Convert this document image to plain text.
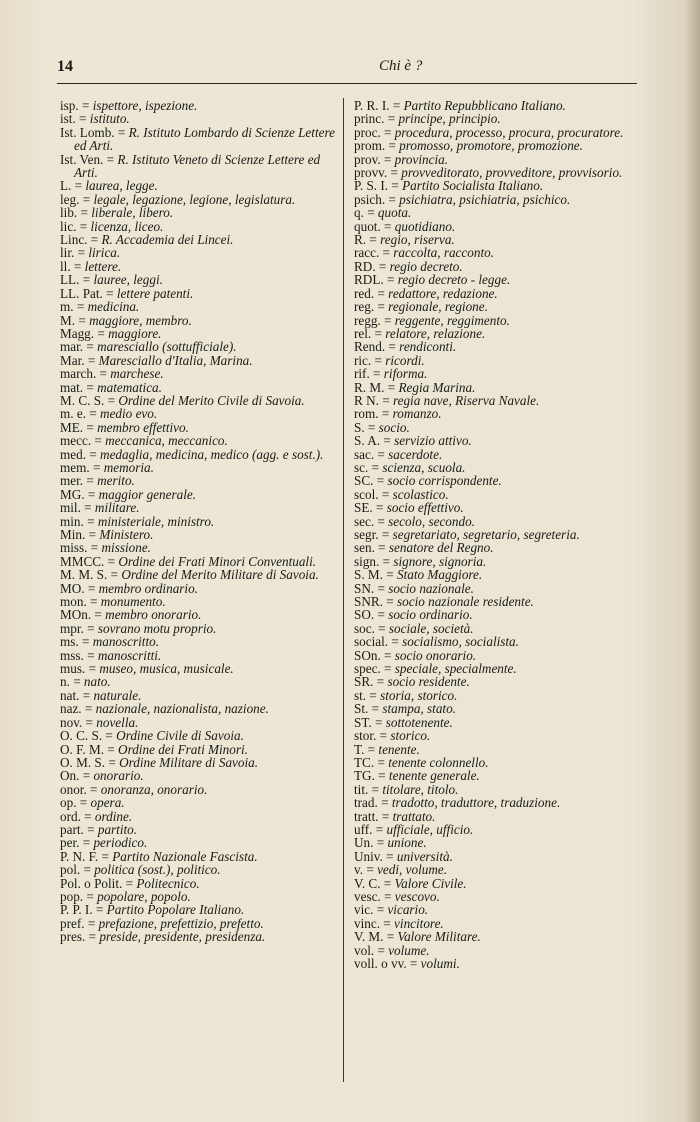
14	Chi è ?
isp. = ispettore, ispezione.
ist. = istituto.
Ist. Lomb. = R. Istituto Lombardo di Scienze Lettere ed Arti.
Ist. Ven. = R. Istituto Veneto di Scienze Lettere ed Arti.
L. = laurea, legge.
leg. = legale, legazione, legione, legislatura.
lib. = liberale, libero.
lic. = licenza, liceo.
Linc. = R. Accademia dei Lincei.
lir. = lirica.
ll. = lettere.
LL. = lauree, leggi.
LL. Pat. = lettere patenti.
m. = medicina.
M. = maggiore, membro.
Magg. = maggiore.
mar. = maresciallo (sottufficiale).
Mar. = Maresciallo d'Italia, Marina.
march. = marchese.
mat. = matematica.
M. C. S. = Ordine del Merito Civile di Savoia.
m. e. = medio evo.
ME. = membro effettivo.
mecc. = meccanica, meccanico.
med. = medaglia, medicina, medico (agg. e sost.).
mem. = memoria.
mer. = merito.
MG. = maggior generale.
mil. = militare.
min. = ministeriale, ministro.
Min. = Ministero.
miss. = missione.
MMCC. = Ordine dei Frati Minori Conventuali.
M. M. S. = Ordine del Merito Militare di Savoia.
MO. = membro ordinario.
mon. = monumento.
MOn. = membro onorario.
mpr. = sovrano motu proprio.
ms. = manoscritto.
mss. = manoscritti.
mus. = museo, musica, musicale.
n. = nato.
nat. = naturale.
naz. = nazionale, nazionalista, nazione.
nov. = novella.
O. C. S. = Ordine Civile di Savoia.
O. F. M. = Ordine dei Frati Minori.
O. M. S. = Ordine Militare di Savoia.
On. = onorario.
onor. = onoranza, onorario.
op. = opera.
ord. = ordine.
part. = partito.
per. = periodico.
P. N. F. = Partito Nazionale Fascista.
pol. = politica (sost.), politico.
Pol. o Polit. = Politecnico.
pop. = popolare, popolo.
P. P. I. = Partito Popolare Italiano.
pref. = prefazione, prefettizio, prefetto.
pres. = preside, presidente, presidenza.
P. R. I. = Partito Repubblicano Italiano.
princ. = principe, principio.
proc. = procedura, processo, procura, procuratore.
prom. = promosso, promotore, promozione.
prov. = provincia.
provv. = provveditorato, provveditore, provvisorio.
P. S. I. = Partito Socialista Italiano.
psich. = psichiatra, psichiatria, psichico.
q. = quota.
quot. = quotidiano.
R. = regio, riserva.
racc. = raccolta, racconto.
RD. = regio decreto.
RDL. = regio decreto - legge.
red. = redattore, redazione.
reg. = regionale, regione.
regg. = reggente, reggimento.
rel. = relatore, relazione.
Rend. = rendiconti.
ric. = ricordi.
rif. = riforma.
R. M. = Regia Marina.
R N. = regia nave, Riserva Navale.
rom. = romanzo.
S. = socio.
S. A. = servizio attivo.
sac. = sacerdote.
sc. = scienza, scuola.
SC. = socio corrispondente.
scol. = scolastico.
SE. = socio effettivo.
sec. = secolo, secondo.
segr. = segretariato, segretario, segreteria.
sen. = senatore del Regno.
sign. = signore, signoria.
S. M. = Stato Maggiore.
SN. = socio nazionale.
SNR. = socio nazionale residente.
SO. = socio ordinario.
soc. = sociale, società.
social. = socialismo, socialista.
SOn. = socio onorario.
spec. = speciale, specialmente.
SR. = socio residente.
st. = storia, storico.
St. = stampa, stato.
ST. = sottotenente.
stor. = storico.
T. = tenente.
TC. = tenente colonnello.
TG. = tenente generale.
tit. = titolare, titolo.
trad. = tradotto, traduttore, traduzione.
tratt. = trattato.
uff. = ufficiale, ufficio.
Un. = unione.
Univ. = università.
v. = vedi, volume.
V. C. = Valore Civile.
vesc. = vescovo.
vic. = vicario.
vinc. = vincitore.
V. M. = Valore Militare.
vol. = volume.
voll. o vv. = volumi.
